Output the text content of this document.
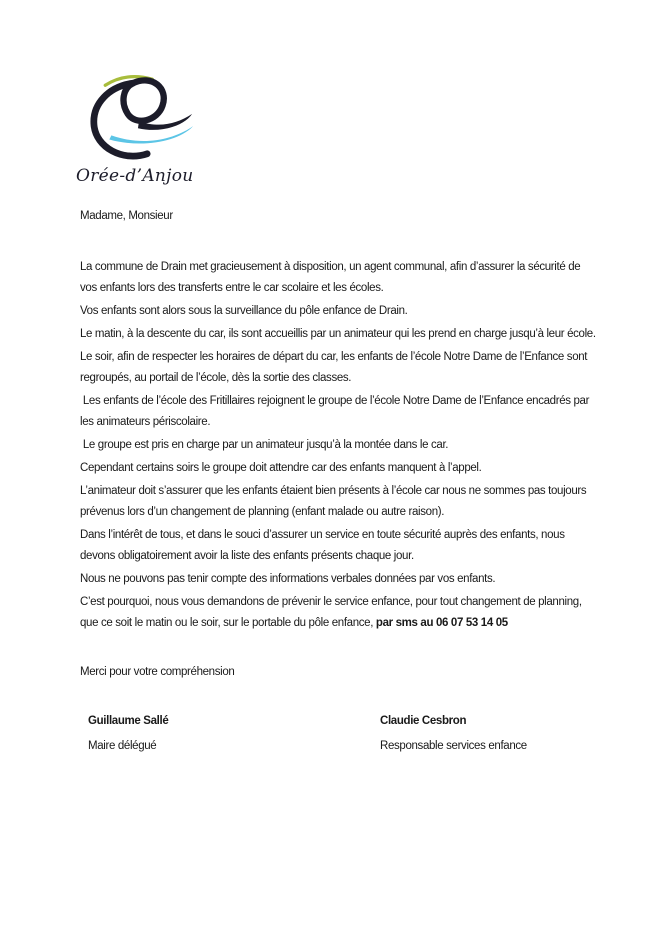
Orée-d’Anjou

Madame, Monsieur

La commune de Drain met gracieusement à disposition, un agent communal, afin d’assurer la sécurité de vos enfants lors des transferts entre le car scolaire et les écoles.

Vos enfants sont alors sous la surveillance du pôle enfance de Drain.

Le matin, à la descente du car, ils sont accueillis par un animateur qui les prend en charge jusqu’à leur école.

Le soir, afin de respecter les horaires de départ du car, les enfants de l’école Notre Dame de l’Enfance sont regroupés, au portail de l’école, dès la sortie des classes.

Les enfants de l’école des Fritillaires rejoignent le groupe de l’école Notre Dame de l’Enfance encadrés par les animateurs périscolaire.

Le groupe est pris en charge par un animateur jusqu’à la montée dans le car.

Cependant certains soirs le groupe doit attendre car des enfants manquent à l’appel.

L’animateur doit s’assurer que les enfants étaient bien présents à l’école car nous ne sommes pas toujours prévenus lors d’un changement de planning (enfant malade ou autre raison).

Dans l’intérêt de tous, et dans le souci d’assurer un service en toute sécurité auprès des enfants, nous devons obligatoirement avoir la liste des enfants présents chaque jour.

Nous ne pouvons pas tenir compte des informations verbales données par vos enfants.

C’est pourquoi, nous vous demandons de prévenir le service enfance, pour tout changement de planning, que ce soit le matin ou le soir, sur le portable du pôle enfance, par sms au 06 07 53 14 05

Merci pour votre compréhension

Guillaume Sallé

Maire délégué

Claudie Cesbron

Responsable services enfance
